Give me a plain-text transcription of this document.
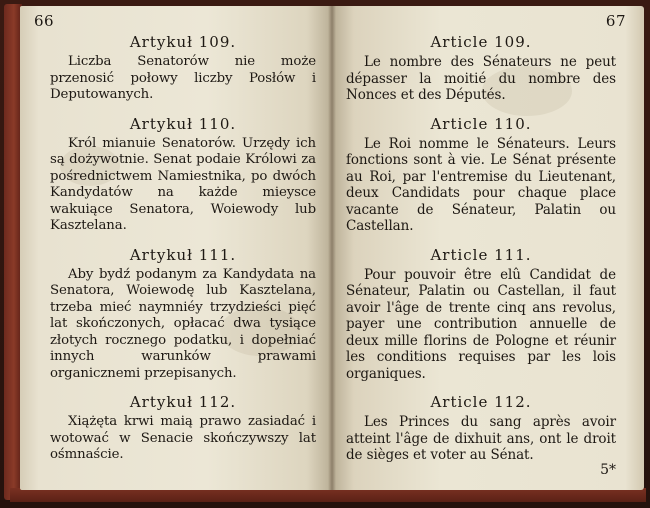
66

Artykuł 109.

Liczba Senatorów nie może przenosić połowy liczby Posłów i Deputowanych.

Artykuł 110.

Król mianuie Senatorów. Urzędy ich są dożywotnie. Senat podaie Królowi za pośrednictwem Namiestnika, po dwóch Kandydatów na każde mieysce wakuiące Senatora, Woiewody lub Kasztelana.

Artykuł 111.

Aby bydź podanym za Kandydata na Senatora, Woiewodę lub Kasztelana, trzeba mieć naymniéy trzydzieści pięć lat skończonych, opłacać dwa tysiące złotych rocznego podatku, i dopełniać innych warunków prawami organicznemi przepisanych.

Artykuł 112.

Xiążęta krwi maią prawo zasiadać i wotować w Senacie skończywszy lat ośmnaście.

67

Article 109.

Le nombre des Sénateurs ne peut dépasser la moitié du nombre des Nonces et des Députés.

Article 110.

Le Roi nomme le Sénateurs. Leurs fonctions sont à vie. Le Sénat présente au Roi, par l'entremise du Lieutenant, deux Candidats pour chaque place vacante de Sénateur, Palatin ou Castellan.

Article 111.

Pour pouvoir être elû Candidat de Sénateur, Palatin ou Castellan, il faut avoir l'âge de trente cinq ans revolus, payer une contribution annuelle de deux mille florins de Pologne et réunir les conditions requises par les lois organiques.

Article 112.

Les Princes du sang après avoir atteint l'âge de dixhuit ans, ont le droit de sièges et voter au Sénat.

5*
